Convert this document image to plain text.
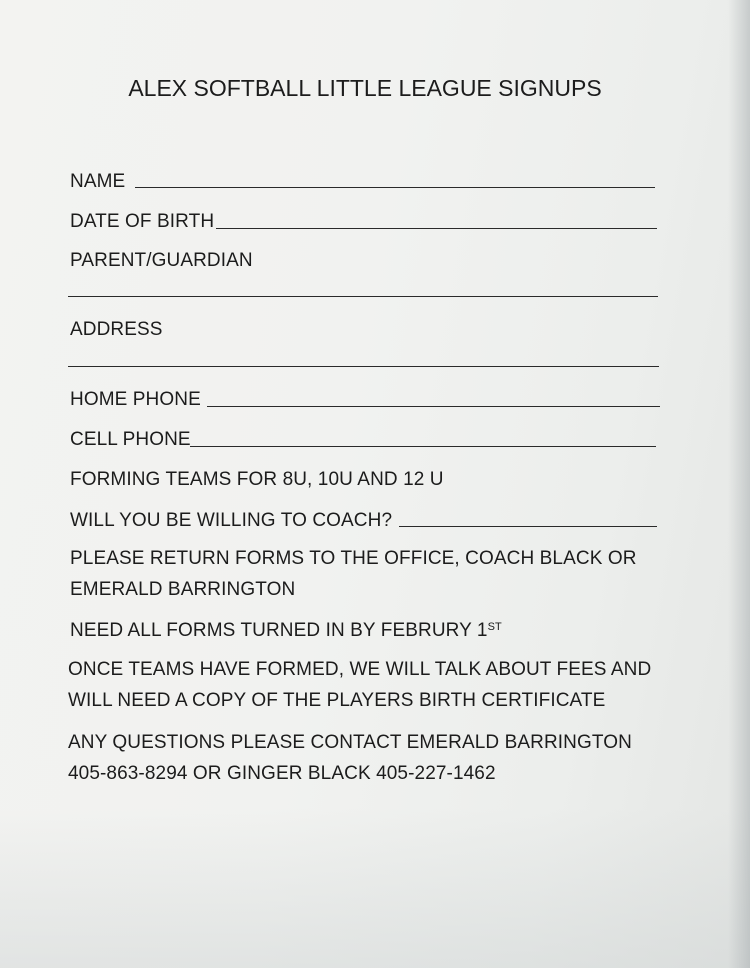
ALEX SOFTBALL LITTLE LEAGUE SIGNUPS
NAME
DATE OF BIRTH
PARENT/GUARDIAN
ADDRESS
HOME PHONE
CELL PHONE
FORMING TEAMS FOR 8U, 10U AND 12 U
WILL YOU BE WILLING TO COACH?
PLEASE RETURN FORMS TO THE OFFICE, COACH BLACK OR
EMERALD BARRINGTON
NEED ALL FORMS TURNED IN BY FEBRURY 1ST
ONCE TEAMS HAVE FORMED, WE WILL TALK ABOUT FEES AND
WILL NEED A COPY OF THE PLAYERS BIRTH CERTIFICATE
ANY QUESTIONS PLEASE CONTACT EMERALD BARRINGTON
405-863-8294 OR GINGER BLACK 405-227-1462
